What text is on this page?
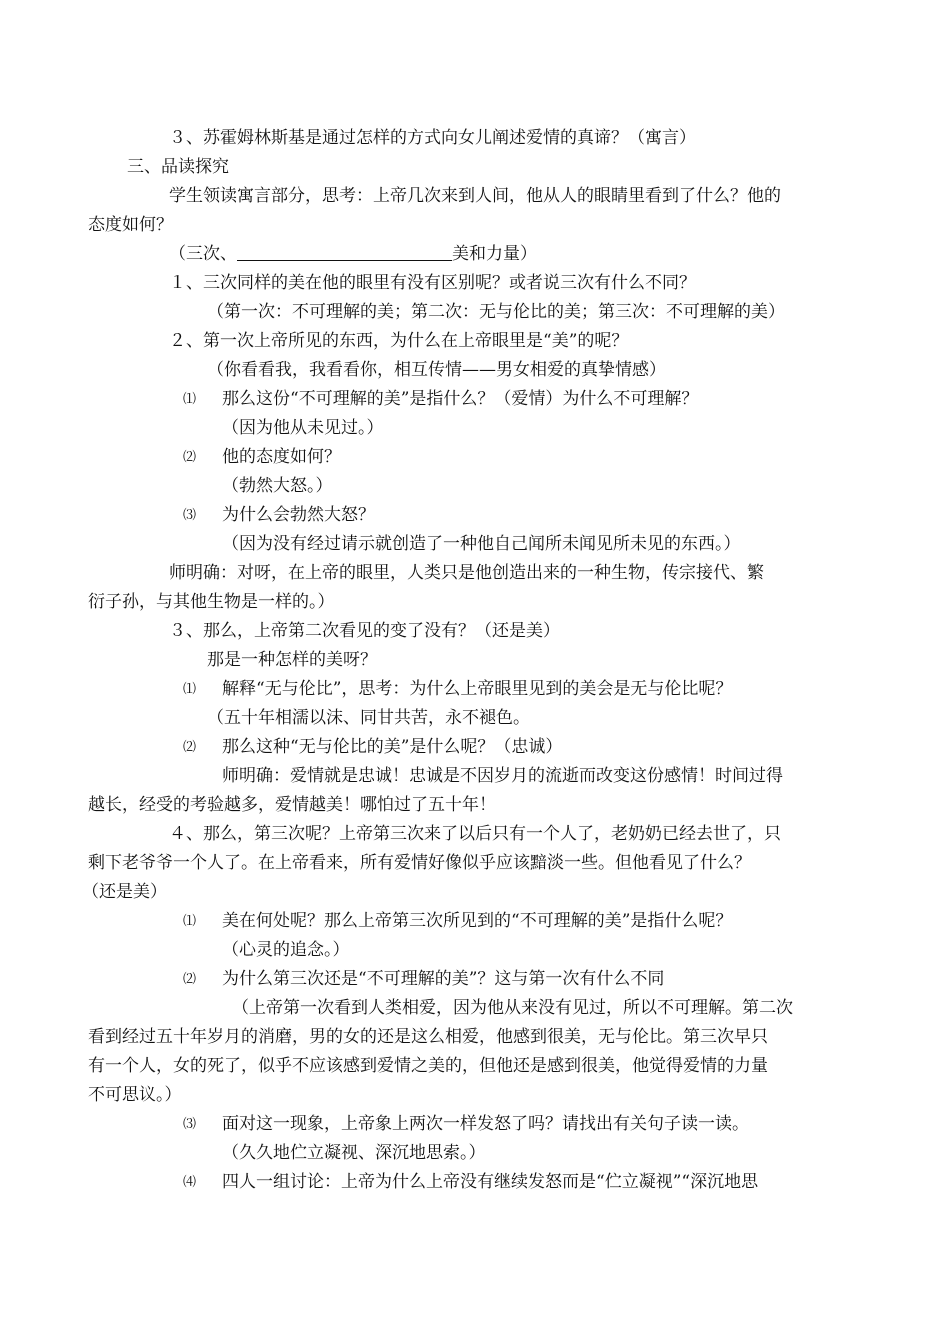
３、苏霍姆林斯基是通过怎样的方式向女儿阐述爱情的真谛？（寓言）
三、品读探究
学生领读寓言部分，思考：上帝几次来到人间，他从人的眼睛里看到了什么？他的
态度如何？
（三次、	美和力量）
１、三次同样的美在他的眼里有没有区别呢？或者说三次有什么不同？
（第一次：不可理解的美；第二次：无与伦比的美；第三次：不可理解的美）
２、第一次上帝所见的东西，为什么在上帝眼里是“美”的呢？
（你看看我，我看看你，相互传情——男女相爱的真挚情感）
⑴ 那么这份“不可理解的美”是指什么？（爱情）为什么不可理解？
（因为他从未见过。）
⑵ 他的态度如何？
（勃然大怒。）
⑶ 为什么会勃然大怒？
（因为没有经过请示就创造了一种他自己闻所未闻见所未见的东西。）
师明确：对呀，在上帝的眼里，人类只是他创造出来的一种生物，传宗接代、繁
衍子孙，与其他生物是一样的。）
３、那么，上帝第二次看见的变了没有？（还是美）
那是一种怎样的美呀？
⑴ 解释“无与伦比”，思考：为什么上帝眼里见到的美会是无与伦比呢？
（五十年相濡以沫、同甘共苦，永不褪色。
⑵ 那么这种“无与伦比的美”是什么呢？（忠诚）
师明确：爱情就是忠诚！忠诚是不因岁月的流逝而改变这份感情！时间过得
越长，经受的考验越多，爱情越美！哪怕过了五十年！
４、那么，第三次呢？上帝第三次来了以后只有一个人了，老奶奶已经去世了，只
剩下老爷爷一个人了。在上帝看来，所有爱情好像似乎应该黯淡一些。但他看见了什么？
（还是美）
⑴ 美在何处呢？那么上帝第三次所见到的“不可理解的美”是指什么呢？
（心灵的追念。）
⑵ 为什么第三次还是“不可理解的美”？这与第一次有什么不同
（上帝第一次看到人类相爱，因为他从来没有见过，所以不可理解。第二次
看到经过五十年岁月的消磨，男的女的还是这么相爱，他感到很美，无与伦比。第三次早只
有一个人，女的死了，似乎不应该感到爱情之美的，但他还是感到很美，他觉得爱情的力量
不可思议。）
⑶ 面对这一现象，上帝象上两次一样发怒了吗？请找出有关句子读一读。
（久久地伫立凝视、深沉地思索。）
⑷ 四人一组讨论：上帝为什么上帝没有继续发怒而是“伫立凝视”“深沉地思
